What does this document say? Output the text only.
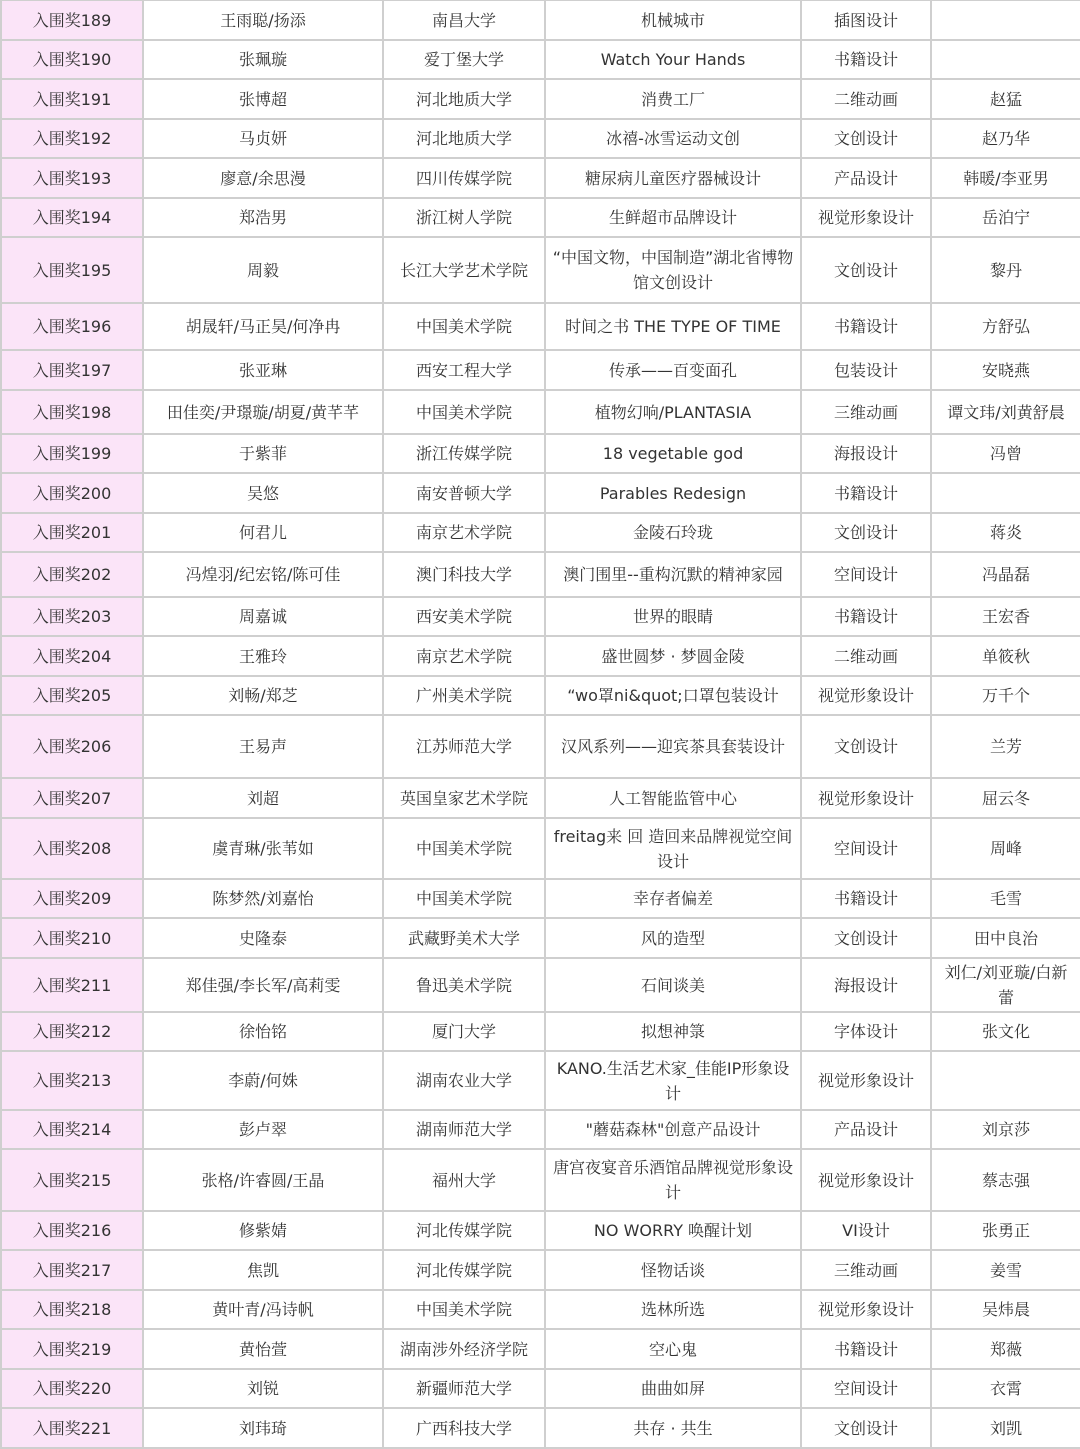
入围奖189	王雨聪/扬添	南昌大学	机械城市	插图设计	
入围奖190	张珮璇	爱丁堡大学	Watch Your Hands	书籍设计	
入围奖191	张博超	河北地质大学	消费工厂	二维动画	赵猛
入围奖192	马贞妍	河北地质大学	冰禧-冰雪运动文创	文创设计	赵乃华
入围奖193	廖意/余思漫	四川传媒学院	糖尿病儿童医疗器械设计	产品设计	韩暖/李亚男
入围奖194	郑浩男	浙江树人学院	生鲜超市品牌设计	视觉形象设计	岳泊宁
入围奖195	周毅	长江大学艺术学院	“中国文物，中国制造”湖北省博物馆文创设计	文创设计	黎丹
入围奖196	胡晟轩/马正昊/何净冉	中国美术学院	时间之书 THE TYPE OF TIME	书籍设计	方舒弘
入围奖197	张亚琳	西安工程大学	传承——百变面孔	包装设计	安晓燕
入围奖198	田佳奕/尹璟璇/胡夏/黄芊芊	中国美术学院	植物幻响/PLANTASIA	三维动画	谭文玮/刘黄舒晨
入围奖199	于紫菲	浙江传媒学院	18 vegetable god	海报设计	冯曾
入围奖200	吴悠	南安普顿大学	Parables Redesign	书籍设计	
入围奖201	何君儿	南京艺术学院	金陵石玲珑	文创设计	蒋炎
入围奖202	冯煌羽/纪宏铭/陈可佳	澳门科技大学	澳门围里--重构沉默的精神家园	空间设计	冯晶磊
入围奖203	周嘉诚	西安美术学院	世界的眼睛	书籍设计	王宏香
入围奖204	王雅玲	南京艺术学院	盛世圆梦 · 梦圆金陵	二维动画	单筱秋
入围奖205	刘畅/郑芝	广州美术学院	“wo罩ni&quot;口罩包装设计	视觉形象设计	万千个
入围奖206	王易声	江苏师范大学	汉风系列——迎宾茶具套装设计	文创设计	兰芳
入围奖207	刘超	英国皇家艺术学院	人工智能监管中心	视觉形象设计	屈云冬
入围奖208	虞青琳/张苇如	中国美术学院	freitag来 回 造回来品牌视觉空间设计	空间设计	周峰
入围奖209	陈梦然/刘嘉怡	中国美术学院	幸存者偏差	书籍设计	毛雪
入围奖210	史隆泰	武藏野美术大学	风的造型	文创设计	田中良治
入围奖211	郑佳强/李长军/高莉雯	鲁迅美术学院	石间谈美	海报设计	刘仁/刘亚璇/白新蕾
入围奖212	徐怡铭	厦门大学	拟想神箓	字体设计	张文化
入围奖213	李蔚/何姝	湖南农业大学	KANO.生活艺术家_佳能IP形象设计	视觉形象设计	
入围奖214	彭卢翠	湖南师范大学	"蘑菇森林"创意产品设计	产品设计	刘京莎
入围奖215	张格/许睿圆/王晶	福州大学	唐宫夜宴音乐酒馆品牌视觉形象设计	视觉形象设计	蔡志强
入围奖216	修紫婧	河北传媒学院	NO WORRY 唤醒计划	VI设计	张勇正
入围奖217	焦凯	河北传媒学院	怪物话谈	三维动画	姜雪
入围奖218	黄叶青/冯诗帆	中国美术学院	选林所选	视觉形象设计	吴炜晨
入围奖219	黄怡萱	湖南涉外经济学院	空心鬼	书籍设计	郑薇
入围奖220	刘锐	新疆师范大学	曲曲如屏	空间设计	衣霄
入围奖221	刘玮琦	广西科技大学	共存 · 共生	文创设计	刘凯
